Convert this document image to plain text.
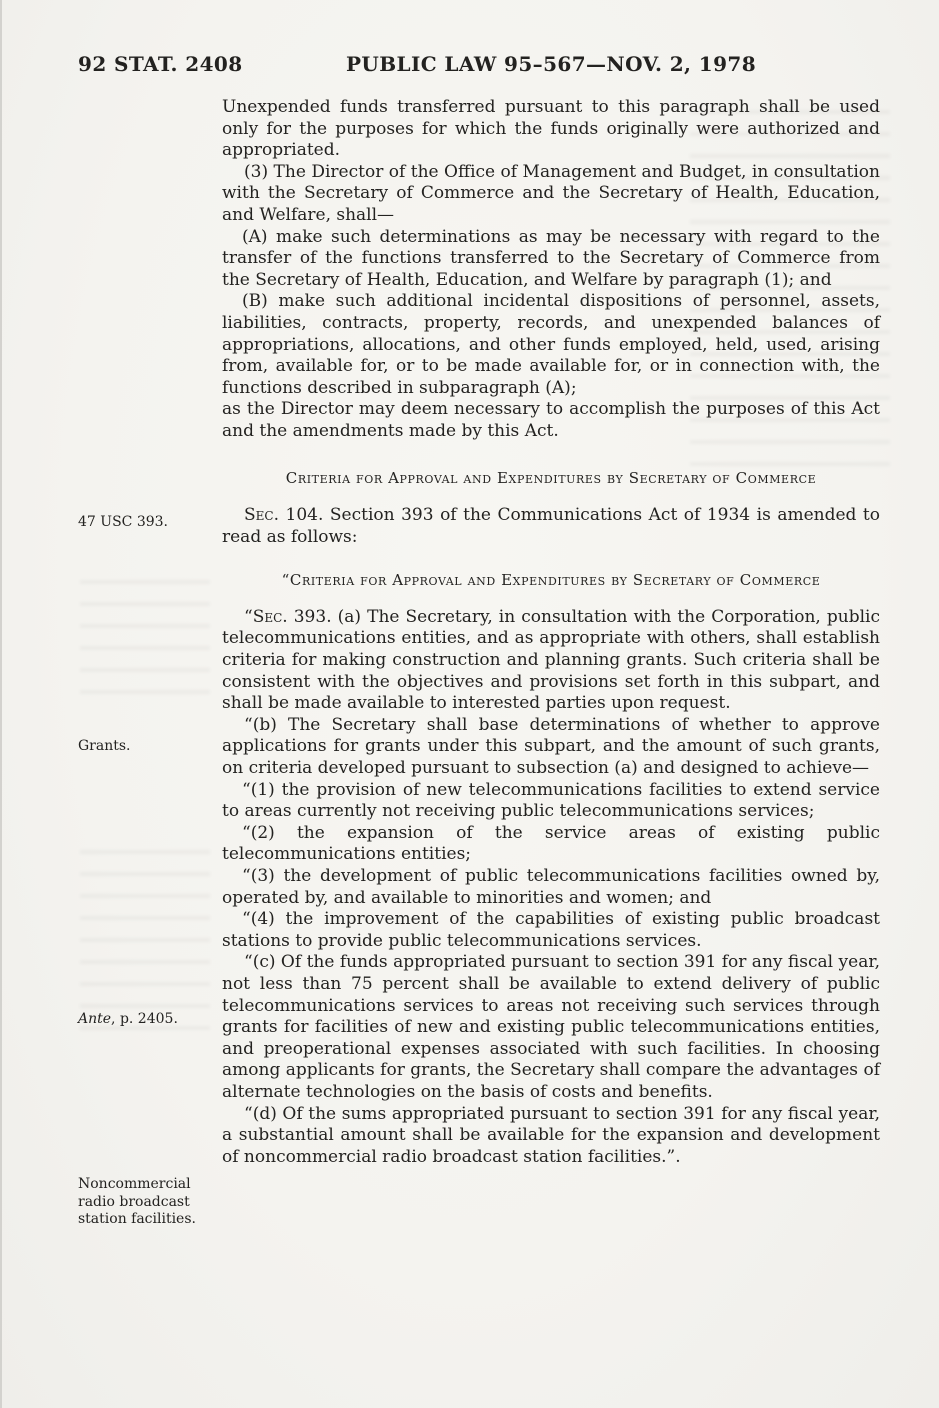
92 STAT. 2408	PUBLIC LAW 95–567—NOV. 2, 1978
47 USC 393.
Grants.
Ante, p. 2405.
Noncommercial radio broadcast station facilities.

Unexpended funds transferred pursuant to this paragraph shall be used only for the purposes for which the funds originally were authorized and appropriated.

(3) The Director of the Office of Management and Budget, in consultation with the Secretary of Commerce and the Secretary of Health, Education, and Welfare, shall—

(A) make such determinations as may be necessary with regard to the transfer of the functions transferred to the Secretary of Commerce from the Secretary of Health, Education, and Welfare by paragraph (1); and

(B) make such additional incidental dispositions of personnel, assets, liabilities, contracts, property, records, and unexpended balances of appropriations, allocations, and other funds employed, held, used, arising from, available for, or to be made available for, or in connection with, the functions described in subparagraph (A);

as the Director may deem necessary to accomplish the purposes of this Act and the amendments made by this Act.

Criteria for Approval and Expenditures by Secretary of Commerce

Sec. 104. Section 393 of the Communications Act of 1934 is amended to read as follows:

“Criteria for Approval and Expenditures by Secretary of Commerce

“Sec. 393. (a) The Secretary, in consultation with the Corporation, public telecommunications entities, and as appropriate with others, shall establish criteria for making construction and planning grants. Such criteria shall be consistent with the objectives and provisions set forth in this subpart, and shall be made available to interested parties upon request.

“(b) The Secretary shall base determinations of whether to approve applications for grants under this subpart, and the amount of such grants, on criteria developed pursuant to subsection (a) and designed to achieve—

“(1) the provision of new telecommunications facilities to extend service to areas currently not receiving public telecommunications services;

“(2) the expansion of the service areas of existing public telecommunications entities;

“(3) the development of public telecommunications facilities owned by, operated by, and available to minorities and women; and

“(4) the improvement of the capabilities of existing public broadcast stations to provide public telecommunications services.

“(c) Of the funds appropriated pursuant to section 391 for any fiscal year, not less than 75 percent shall be available to extend delivery of public telecommunications services to areas not receiving such services through grants for facilities of new and existing public telecommunications entities, and preoperational expenses associated with such facilities. In choosing among applicants for grants, the Secretary shall compare the advantages of alternate technologies on the basis of costs and benefits.

“(d) Of the sums appropriated pursuant to section 391 for any fiscal year, a substantial amount shall be available for the expansion and development of noncommercial radio broadcast station facilities.”.
